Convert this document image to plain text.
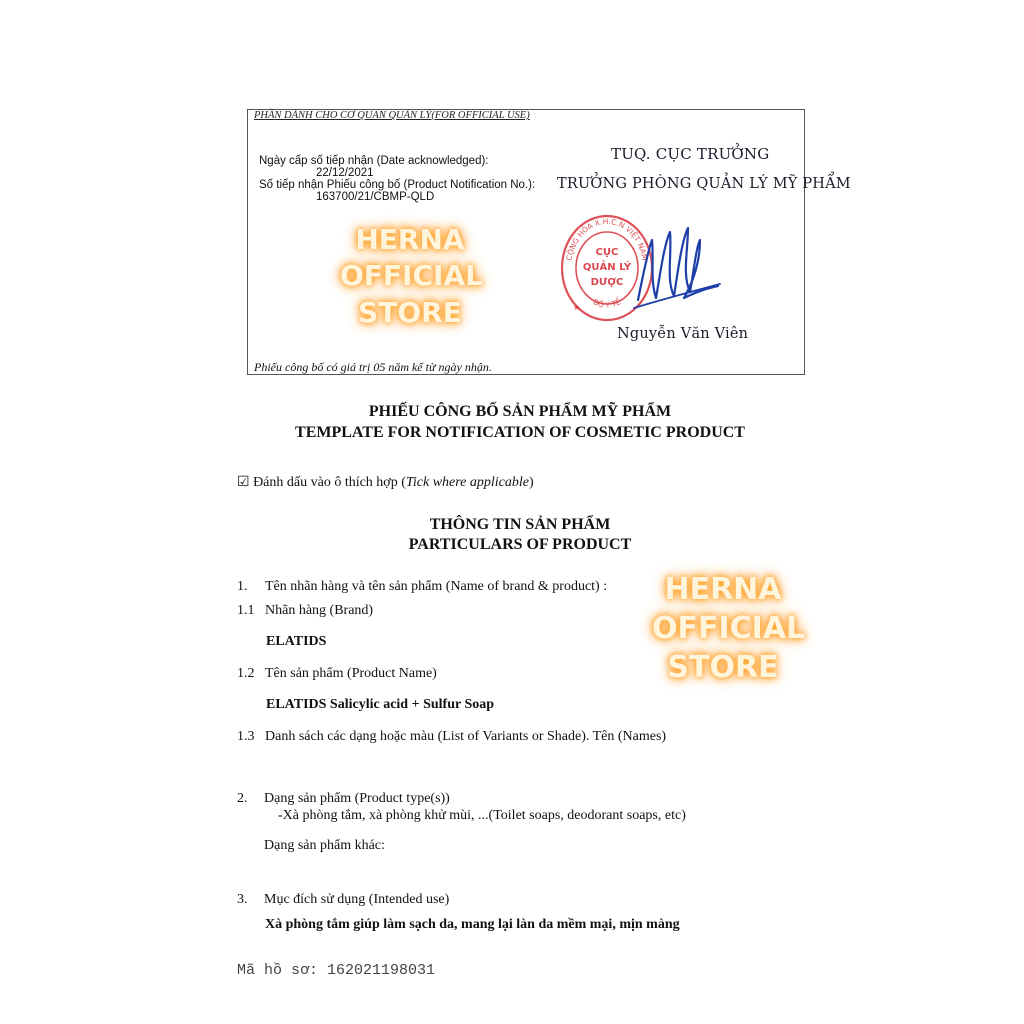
PHẦN DÀNH CHO CƠ QUAN QUẢN LÝ(FOR OFFICIAL USE)
Ngày cấp số tiếp nhận (Date acknowledged):
22/12/2021
Số tiếp nhận Phiếu công bố (Product Notification No.):
163700/21/CBMP-QLD
TUQ. CỤC TRƯỞNG
TRƯỞNG PHÒNG QUẢN LÝ MỸ PHẨM
CỘNG HÒA X.H.C.N VIỆT NAM
BỘ Y TẾ
CỤC
QUẢN LÝ
DƯỢC
★
Nguyễn Văn Viên
HERNA
OFFICIAL
STORE
Phiếu công bố có giá trị 05 năm kể từ ngày nhận.
PHIẾU CÔNG BỐ SẢN PHẨM MỸ PHẨM
TEMPLATE FOR NOTIFICATION OF COSMETIC PRODUCT
☑ Đánh dấu vào ô thích hợp (Tick where applicable)
THÔNG TIN SẢN PHẨM
PARTICULARS OF PRODUCT
1. Tên nhãn hàng và tên sản phẩm (Name of brand & product) :
1.1 Nhãn hàng (Brand)
ELATIDS
1.2 Tên sản phẩm (Product Name)
ELATIDS Salicylic acid + Sulfur Soap
1.3 Danh sách các dạng hoặc màu (List of Variants or Shade). Tên (Names)
2. Dạng sản phẩm (Product type(s))
-Xà phòng tắm, xà phòng khử mùi, ...(Toilet soaps, deodorant soaps, etc)
Dạng sản phẩm khác:
3. Mục đích sử dụng (Intended use)
Xà phòng tắm giúp làm sạch da, mang lại làn da mềm mại, mịn màng
HERNA
OFFICIAL
STORE
Mã hồ sơ: 162021198031
